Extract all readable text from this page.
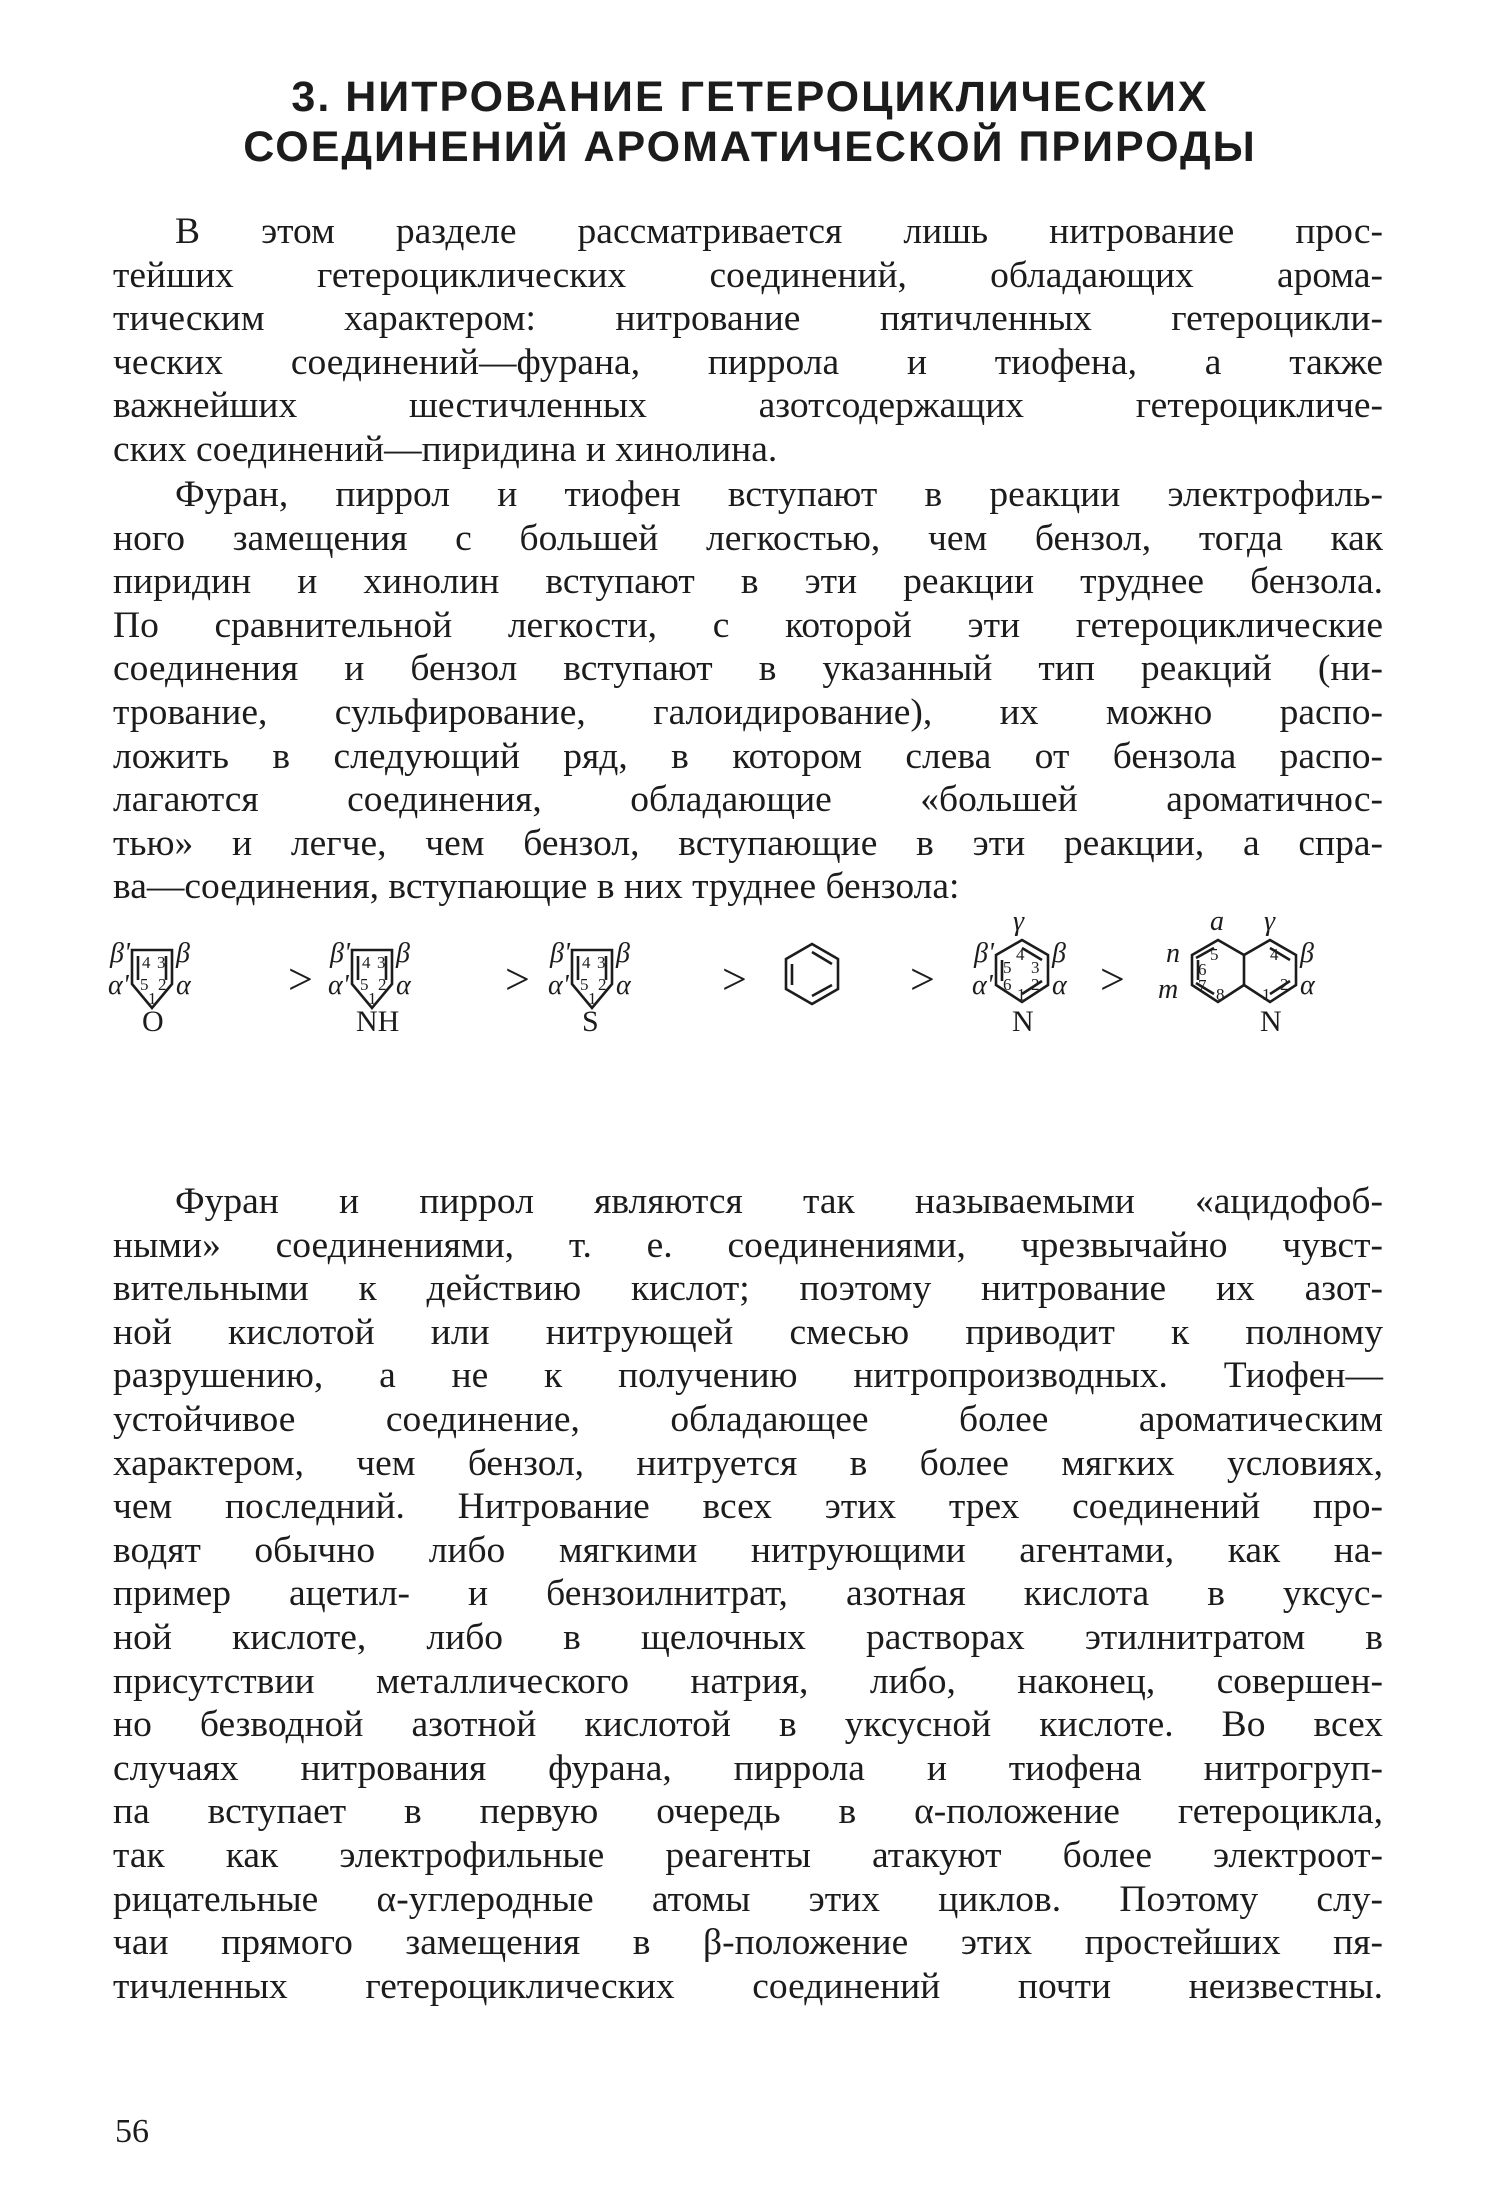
3. НИТРОВАНИЕ ГЕТЕРОЦИКЛИЧЕСКИХ
СОЕДИНЕНИЙ АРОМАТИЧЕСКОЙ ПРИРОДЫ
В этом разделе рассматривается лишь нитрование прос-
тейших гетероциклических соединений, обладающих арома-
тическим характером: нитрование пятичленных гетероцикли-
ческих соединений—фурана, пиррола и тиофена, а также
важнейших шестичленных азотсодержащих гетероцикличе-
ских соединений—пиридина и хинолина.
Фуран, пиррол и тиофен вступают в реакции электрофиль-
ного замещения с большей легкостью, чем бензол, тогда как
пиридин и хинолин вступают в эти реакции труднее бензола.
По сравнительной легкости, с которой эти гетероциклические
соединения и бензол вступают в указанный тип реакций (ни-
трование, сульфирование, галоидирование), их можно распо-
ложить в следующий ряд, в котором слева от бензола распо-
лагаются соединения, обладающие «большей ароматичнос-
тью» и легче, чем бензол, вступающие в эти реакции, а спра-
ва—соединения, вступающие в них труднее бензола:
>	>	>	>	>
4 3
5 2
1
β' β
α' α
O
4 3
5 2
1
β' β
α' α
NH
4 3
5 2
1
β' β
α' α
S
4
3
5
6 2
1
γ
β
β'
α' α
N
5
6
7 8
4
2
1
a γ
n
m
β
α
N
Фуран и пиррол являются так называемыми «ацидофоб-
ными» соединениями, т. е. соединениями, чрезвычайно чувст-
вительными к действию кислот; поэтому нитрование их азот-
ной кислотой или нитрующей смесью приводит к полному
разрушению, а не к получению нитропроизводных. Тиофен—
устойчивое соединение, обладающее более ароматическим
характером, чем бензол, нитруется в более мягких условиях,
чем последний. Нитрование всех этих трех соединений про-
водят обычно либо мягкими нитрующими агентами, как на-
пример ацетил- и бензоилнитрат, азотная кислота в уксус-
ной кислоте, либо в щелочных растворах этилнитратом в
присутствии металлического натрия, либо, наконец, совершен-
но безводной азотной кислотой в уксусной кислоте. Во всех
случаях нитрования фурана, пиррола и тиофена нитрогруп-
па вступает в первую очередь в α-положение гетероцикла,
так как электрофильные реагенты атакуют более электроот-
рицательные α-углеродные атомы этих циклов. Поэтому слу-
чаи прямого замещения в β-положение этих простейших пя-
тичленных гетероциклических соединений почти неизвестны.
56
